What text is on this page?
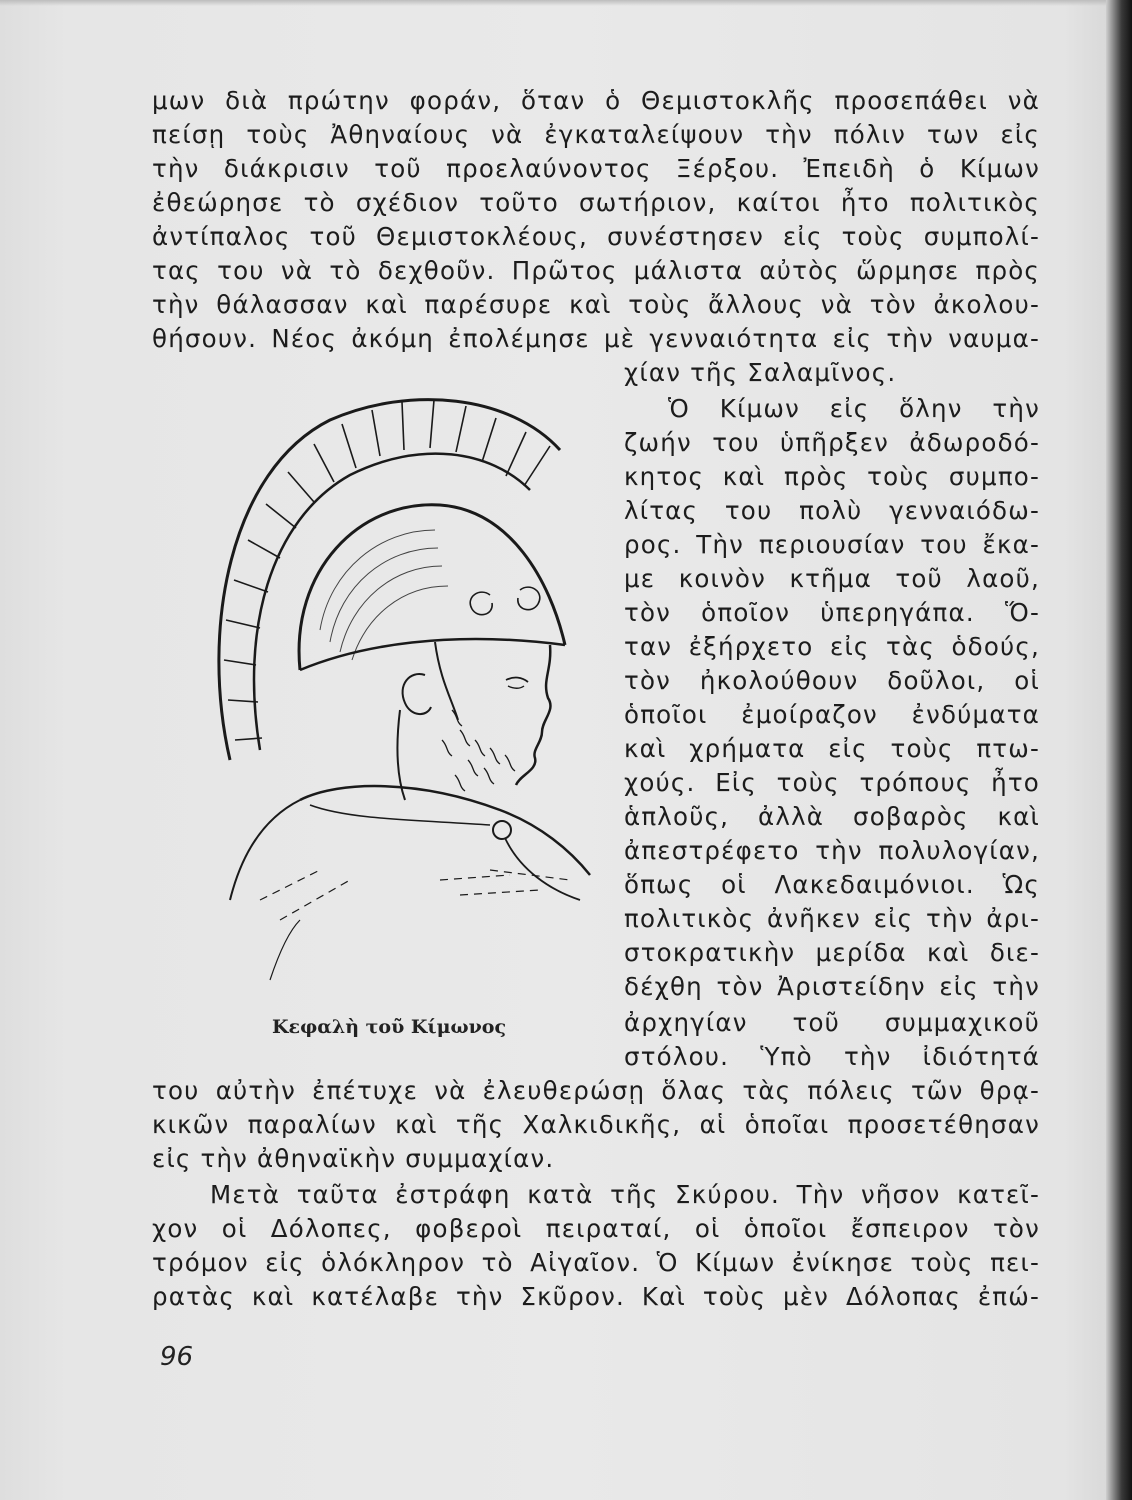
μων διὰ πρώτην φοράν, ὅταν ὁ Θεμιστοκλῆς προσεπάθει νὰ
πείσῃ τοὺς Ἀθηναίους νὰ ἐγκαταλείψουν τὴν πόλιν των εἰς
τὴν διάκρισιν τοῦ προελαύνοντος Ξέρξου. Ἐπειδὴ ὁ Κίμων
ἐθεώρησε τὸ σχέδιον τοῦτο σωτήριον, καίτοι ἦτο πολιτικὸς
ἀντίπαλος τοῦ Θεμιστοκλέους, συνέστησεν εἰς τοὺς συμπολί-
τας του νὰ τὸ δεχθοῦν. Πρῶτος μάλιστα αὐτὸς ὥρμησε πρὸς
τὴν θάλασσαν καὶ παρέσυρε καὶ τοὺς ἄλλους νὰ τὸν ἀκολου-
θήσουν. Νέος ἀκόμη ἐπολέμησε μὲ γενναιότητα εἰς τὴν ναυμα-
χίαν τῆς Σαλαμῖνος.
Ὁ Κίμων εἰς ὅλην τὴν
ζωήν του ὑπῆρξεν ἀδωροδό-
κητος καὶ πρὸς τοὺς συμπο-
λίτας του πολὺ γενναιόδω-
ρος. Τὴν περιουσίαν του ἔκα-
με κοινὸν κτῆμα τοῦ λαοῦ,
τὸν ὁποῖον ὑπερηγάπα. Ὅ-
ταν ἐξήρχετο εἰς τὰς ὁδούς,
τὸν ἠκολούθουν δοῦλοι, οἱ
ὁποῖοι ἐμοίραζον ἐνδύματα
καὶ χρήματα εἰς τοὺς πτω-
χούς. Εἰς τοὺς τρόπους ἦτο
ἁπλοῦς, ἀλλὰ σοβαρὸς καὶ
ἀπεστρέφετο τὴν πολυλογίαν,
ὅπως οἱ Λακεδαιμόνιοι. Ὡς
πολιτικὸς ἀνῆκεν εἰς τὴν ἀρι-
στοκρατικὴν μερίδα καὶ διε-
δέχθη τὸν Ἀριστείδην εἰς τὴν
ἀρχηγίαν τοῦ συμμαχικοῦ
στόλου. Ὑπὸ τὴν ἰδιότητά
Κεφαλὴ τοῦ Κίμωνος
του αὐτὴν ἐπέτυχε νὰ ἐλευθερώσῃ ὅλας τὰς πόλεις τῶν θρᾳ-
κικῶν παραλίων καὶ τῆς Χαλκιδικῆς, αἱ ὁποῖαι προσετέθησαν
εἰς τὴν ἀθηναϊκὴν συμμαχίαν.
Μετὰ ταῦτα ἐστράφη κατὰ τῆς Σκύρου. Τὴν νῆσον κατεῖ-
χον οἱ Δόλοπες, φοβεροὶ πειραταί, οἱ ὁποῖοι ἔσπειρον τὸν
τρόμον εἰς ὁλόκληρον τὸ Αἰγαῖον. Ὁ Κίμων ἐνίκησε τοὺς πει-
ρατὰς καὶ κατέλαβε τὴν Σκῦρον. Καὶ τοὺς μὲν Δόλοπας ἐπώ-
96
